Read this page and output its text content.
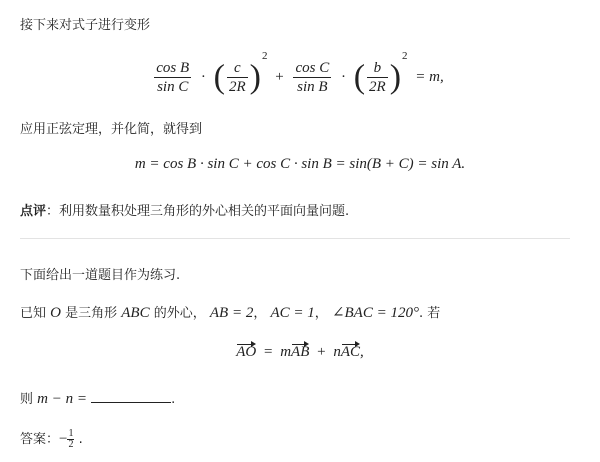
接下来对式子进行变形
$\frac{\text{cos B}}{\text{sin C}}$ · ( $\frac{c}{2R} )^2 + \frac{\text{cos C}}{\text{sin B}}$ · ( $\frac{b}{2R} )^2 = m$,
应用正弦定理，并化简，就得到
m = cos B · sin C + cos C · sin B = sin(B + C) = sin A.
点评：利用数量积处理三角形的外心相关的平面向量问题.
下面给出一道题目作为练习.
已知 O 是三角形 ABC 的外心， AB = 2， AC = 1， ∠BAC = 120°. 若
AO = mAB + nAC,
则 m − n =	.
答案：− $\frac{1}{2}$ .
